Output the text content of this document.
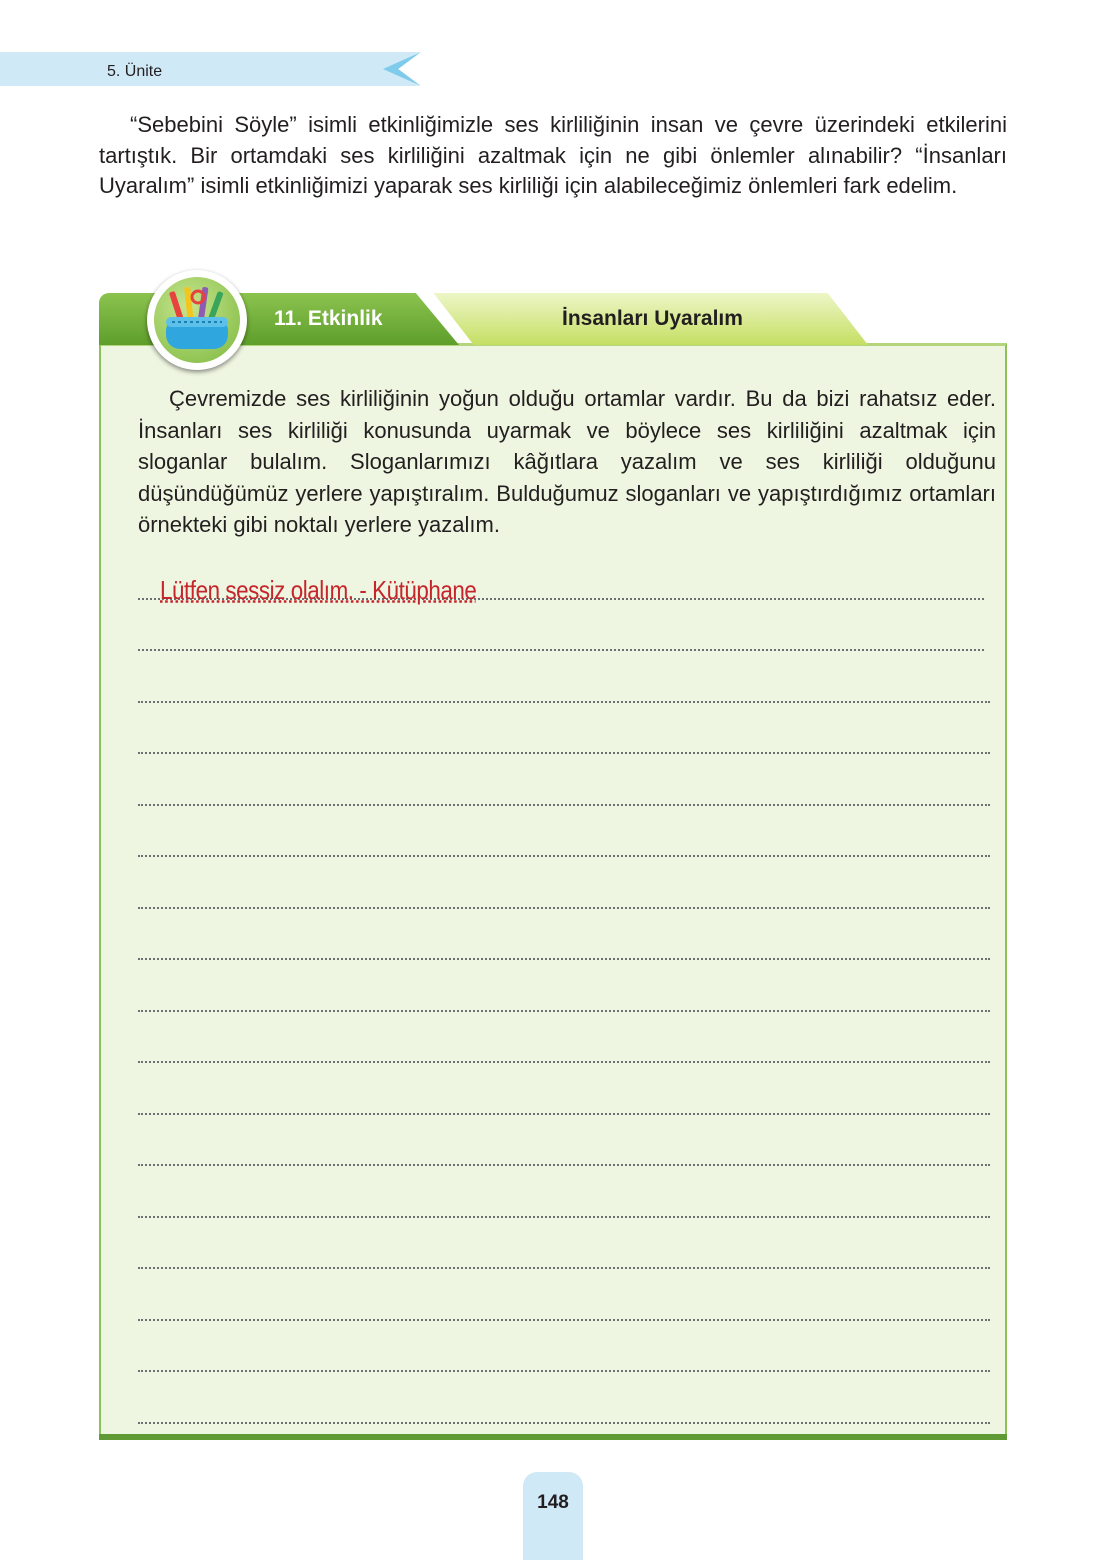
5. Ünite

“Sebebini Söyle” isimli etkinliğimizle ses kirliliğinin insan ve çevre üzerindeki etkilerini tartıştık. Bir ortamdaki ses kirliliğini azaltmak için ne gibi önlemler alınabilir? “İnsanları Uyaralım” isimli etkinliğimizi yaparak ses kirliliği için alabileceğimiz önlemleri fark edelim.

11. Etkinlik	İnsanları Uyaralım

Çevremizde ses kirliliğinin yoğun olduğu ortamlar vardır. Bu da bizi rahatsız eder. İnsanları ses kirliliği konusunda uyarmak ve böylece ses kirliliğini azaltmak için sloganlar bulalım. Sloganlarımızı kâğıtlara yazalım ve ses kirliliği olduğunu düşündüğümüz yerlere yapıştıralım. Bulduğumuz sloganları ve yapıştırdığımız ortamları örnekteki gibi noktalı yerlere yazalım.

Lütfen sessiz olalım. - Kütüphane
148
